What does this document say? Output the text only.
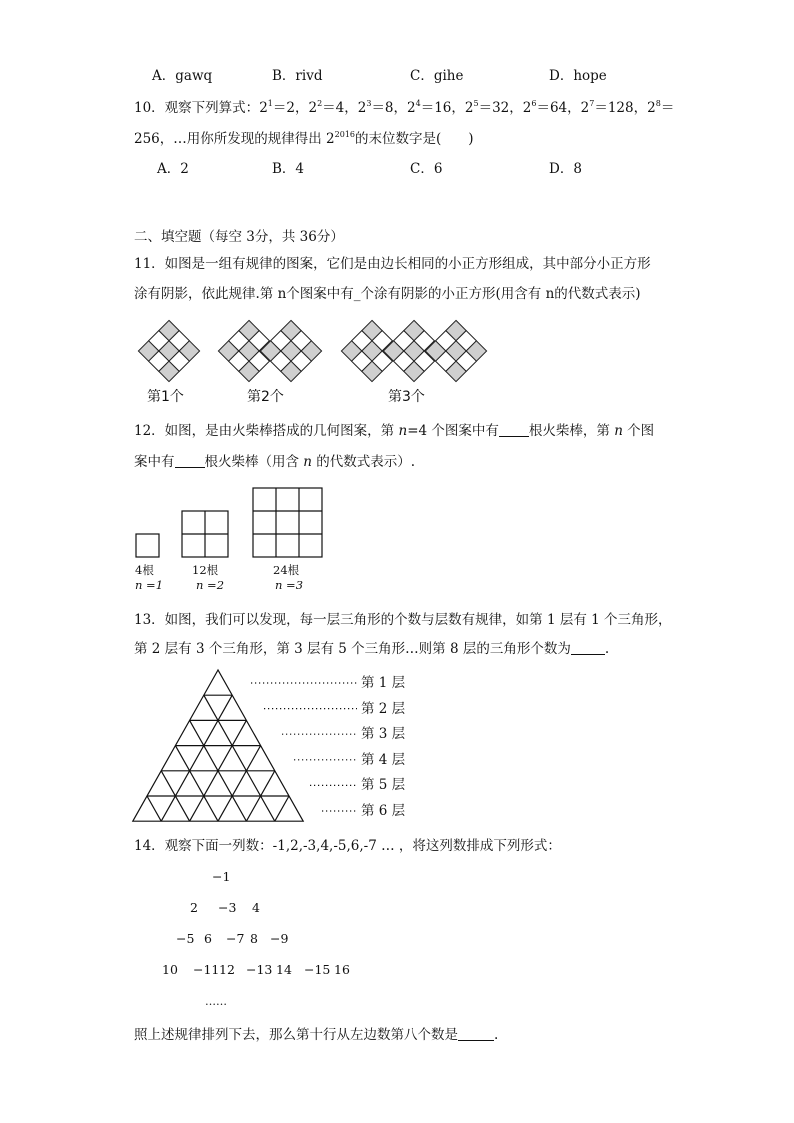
A．gawq	B．rivd	C．gihe	D．hope
10．观察下列算式：$2^1=2$，$2^2=4$，$2^3=8$，$2^4=16$，$2^5=32$，$2^6=64$，$2^7=128$，$2^8=$
256，…用你所发现的规律得出 $2^{2016}$的末位数字是(　　)
A．2	B．4	C．6	D．8
二、填空题（每空 3分，共 36分）
11．如图是一组有规律的图案，它们是由边长相同的小正方形组成，其中部分小正方形
涂有阴影，依此规律.第 n个图案中有_个涂有阴影的小正方形(用含有 n的代数式表示)
第1个	第2个	第3个
12．如图，是由火柴棒搭成的几何图案，第 n=4 个图案中有 根火柴棒，第 n 个图
案中有 根火柴棒（用含 n 的代数式表示）.
4根	12根	24根
n =1	n =2	n =3
13．如图，我们可以发现，每一层三角形的个数与层数有规律，如第 1 层有 1 个三角形，
第 2 层有 3 个三角形，第 3 层有 5 个三角形…则第 8 层的三角形个数为	.
第 1 层
第 2 层
第 3 层
第 4 层
第 5 层
第 6 层
14．观察下面一列数：-1,2,-3,4,-5,6,-7 … ，将这列数排成下列形式：
−1
2 −3 4
−5 6 −7 8 −9
10 −11 12 −13 14 −15 16
……
照上述规律排列下去，那么第十行从左边数第八个数是	.
